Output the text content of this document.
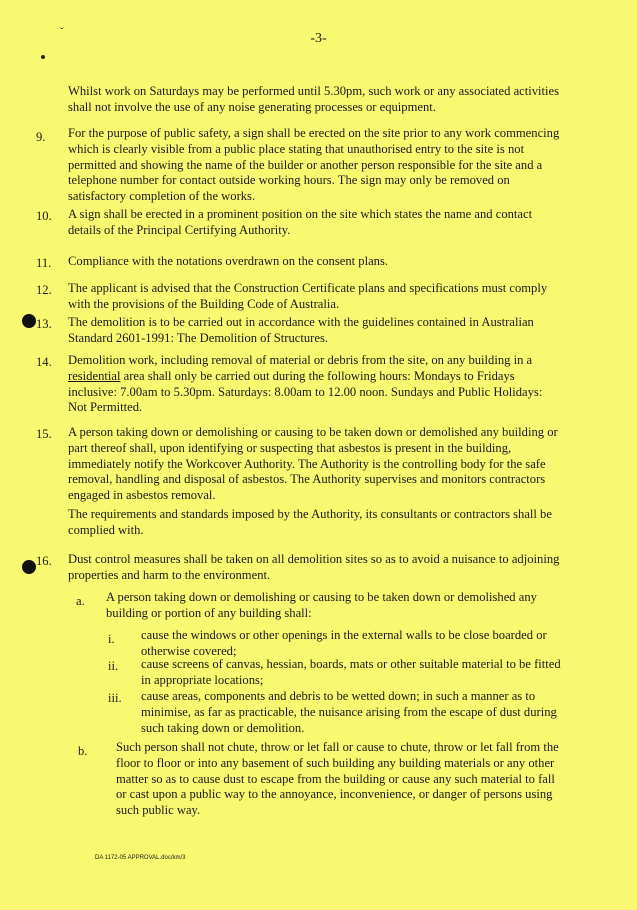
ˇ	-3-
Whilst work on Saturdays may be performed until 5.30pm, such work or any associated activities shall not involve the use of any noise generating processes or equipment.
9. For the purpose of public safety, a sign shall be erected on the site prior to any work commencing which is clearly visible from a public place stating that unauthorised entry to the site is not permitted and showing the name of the builder or another person responsible for the site and a telephone number for contact outside working hours. The sign may only be removed on satisfactory completion of the works.
10. A sign shall be erected in a prominent position on the site which states the name and contact details of the Principal Certifying Authority.
11. Compliance with the notations overdrawn on the consent plans.
12. The applicant is advised that the Construction Certificate plans and specifications must comply with the provisions of the Building Code of Australia.
13. The demolition is to be carried out in accordance with the guidelines contained in Australian Standard 2601-1991: The Demolition of Structures.
14. Demolition work, including removal of material or debris from the site, on any building in a residential area shall only be carried out during the following hours: Mondays to Fridays inclusive: 7.00am to 5.30pm. Saturdays: 8.00am to 12.00 noon. Sundays and Public Holidays: Not Permitted.
15. A person taking down or demolishing or causing to be taken down or demolished any building or part thereof shall, upon identifying or suspecting that asbestos is present in the building, immediately notify the Workcover Authority. The Authority is the controlling body for the safe removal, handling and disposal of asbestos. The Authority supervises and monitors contractors engaged in asbestos removal.
The requirements and standards imposed by the Authority, its consultants or contractors shall be complied with.
16. Dust control measures shall be taken on all demolition sites so as to avoid a nuisance to adjoining properties and harm to the environment.
a. A person taking down or demolishing or causing to be taken down or demolished any building or portion of any building shall:
i. cause the windows or other openings in the external walls to be close boarded or otherwise covered;
ii. cause screens of canvas, hessian, boards, mats or other suitable material to be fitted in appropriate locations;
iii. cause areas, components and debris to be wetted down; in such a manner as to minimise, as far as practicable, the nuisance arising from the escape of dust during such taking down or demolition.
b. Such person shall not chute, throw or let fall or cause to chute, throw or let fall from the floor to floor or into any basement of such building any building materials or any other matter so as to cause dust to escape from the building or cause any such material to fall or cast upon a public way to the annoyance, inconvenience, or danger of persons using such public way.
DA 1172-05 APPROVAL.doc/km/3
